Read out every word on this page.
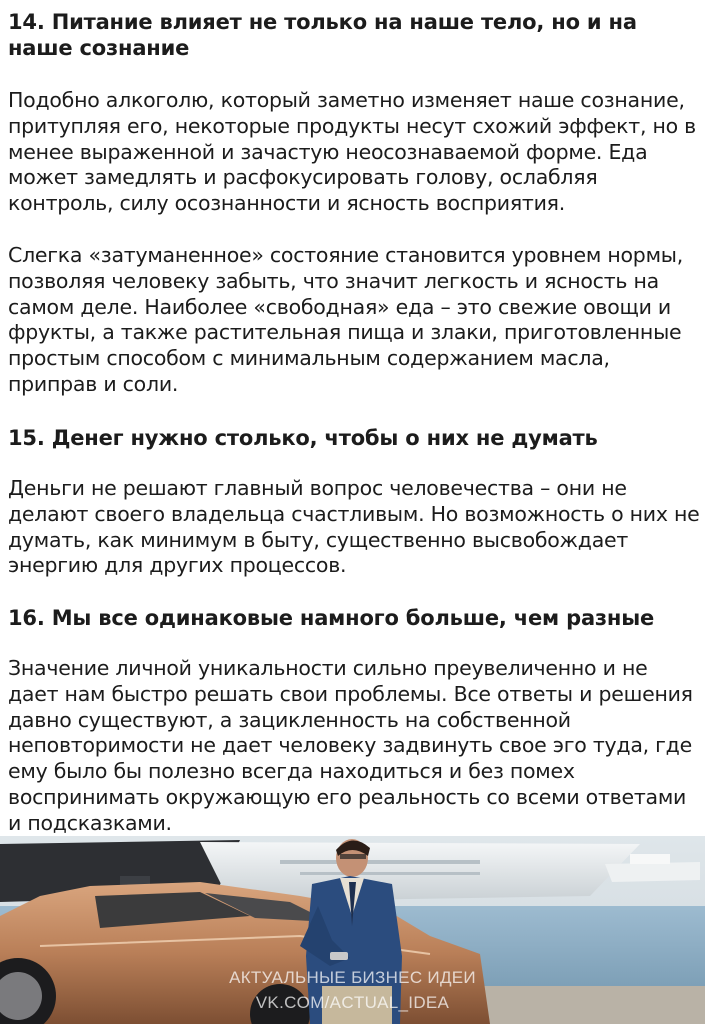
14. Питание влияет не только на наше тело, но и на наше сознание

Подобно алкоголю, который заметно изменяет наше сознание, притупляя его, некоторые продукты несут схожий эффект, но в менее выраженной и зачастую неосознаваемой форме. Еда может замедлять и расфокусировать голову, ослабляя контроль, силу осознанности и ясность восприятия.

Слегка «затуманенное» состояние становится уровнем нормы, позволяя человеку забыть, что значит легкость и ясность на самом деле. Наиболее «свободная» еда – это свежие овощи и фрукты, а также растительная пища и злаки, приготовленные простым способом с минимальным содержанием масла, приправ и соли.

15. Денег нужно столько, чтобы о них не думать

Деньги не решают главный вопрос человечества – они не делают своего владельца счастливым. Но возможность о них не думать, как минимум в быту, существенно высвобождает энергию для других процессов.

16. Мы все одинаковые намного больше, чем разные

Значение личной уникальности сильно преувеличенно и не дает нам быстро решать свои проблемы. Все ответы и решения давно существуют, а зацикленность на собственной неповторимости не дает человеку задвинуть свое эго туда, где ему было бы полезно всегда находиться и без помех воспринимать окружающую его реальность со всеми ответами и подсказками.

АКТУАЛЬНЫЕ БИЗНЕС ИДЕИ
VK.COM/ACTUAL_IDEA
